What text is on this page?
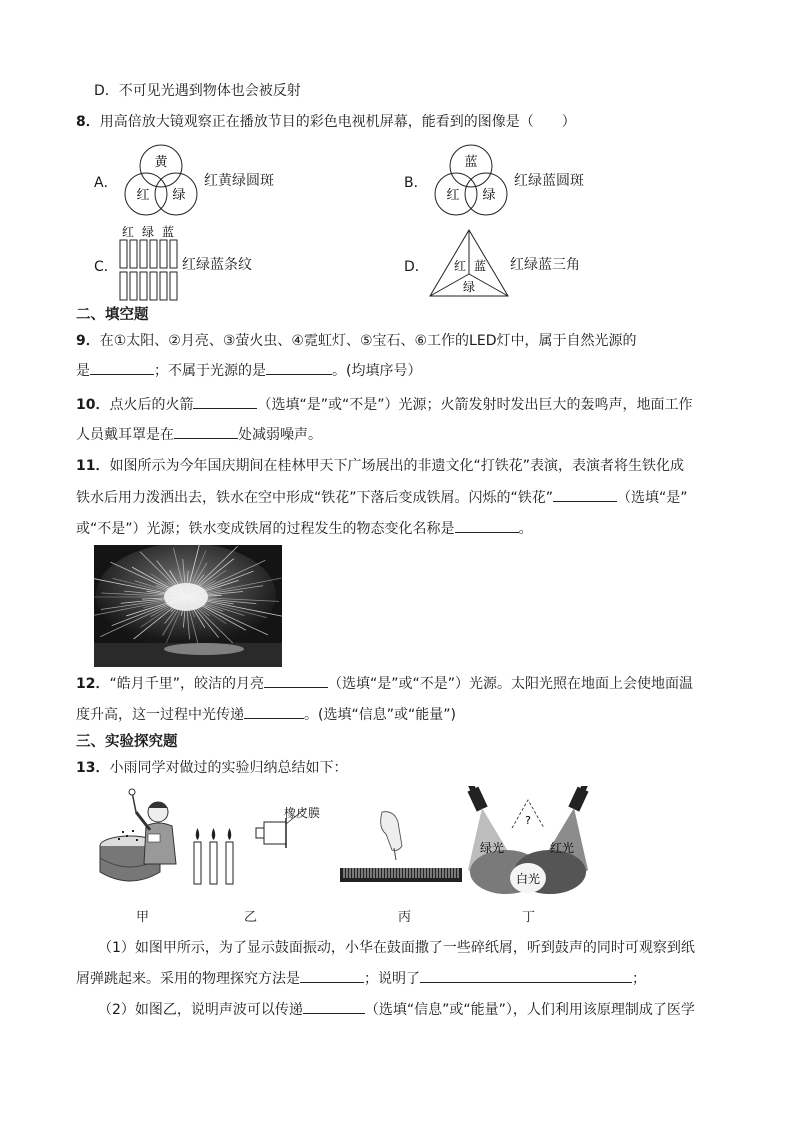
D．不可见光遇到物体也会被反射
8．用高倍放大镜观察正在播放节目的彩色电视机屏幕，能看到的图像是（　　）
A．
黄
红 绿
红黄绿圆斑	B．
蓝
红 绿
红绿蓝圆斑
C．
红 绿 蓝
红绿蓝条纹	D． 红 蓝
绿
红绿蓝三角
二、填空题
9．在①太阳、②月亮、③萤火虫、④霓虹灯、⑤宝石、⑥工作的LED灯中，属于自然光源的
是	；不属于光源的是	。(均填序号）
10．点火后的火箭	（选填“是”或“不是”）光源；火箭发射时发出巨大的轰鸣声，地面工作
人员戴耳罩是在	处减弱噪声。
11．如图所示为今年国庆期间在桂林甲天下广场展出的非遗文化“打铁花”表演，表演者将生铁化成
铁水后用力泼洒出去，铁水在空中形成“铁花”下落后变成铁屑。闪烁的“铁花”	（选填“是”
或“不是”）光源；铁水变成铁屑的过程发生的物态变化名称是	。
12．“皓月千里”，皎洁的月亮	（选填“是”或“不是”）光源。太阳光照在地面上会使地面温
度升高，这一过程中光传递	。(选填“信息”或“能量”)
三、实验探究题
13．小雨同学对做过的实验归纳总结如下：
甲
橡皮膜
乙	丙
?
绿光	红光
白光
丁
（1）如图甲所示，为了显示鼓面振动，小华在鼓面撒了一些碎纸屑，听到鼓声的同时可观察到纸
屑弹跳起来。采用的物理探究方法是	；说明了	；
（2）如图乙，说明声波可以传递	（选填“信息”或“能量”），人们利用该原理制成了医学
